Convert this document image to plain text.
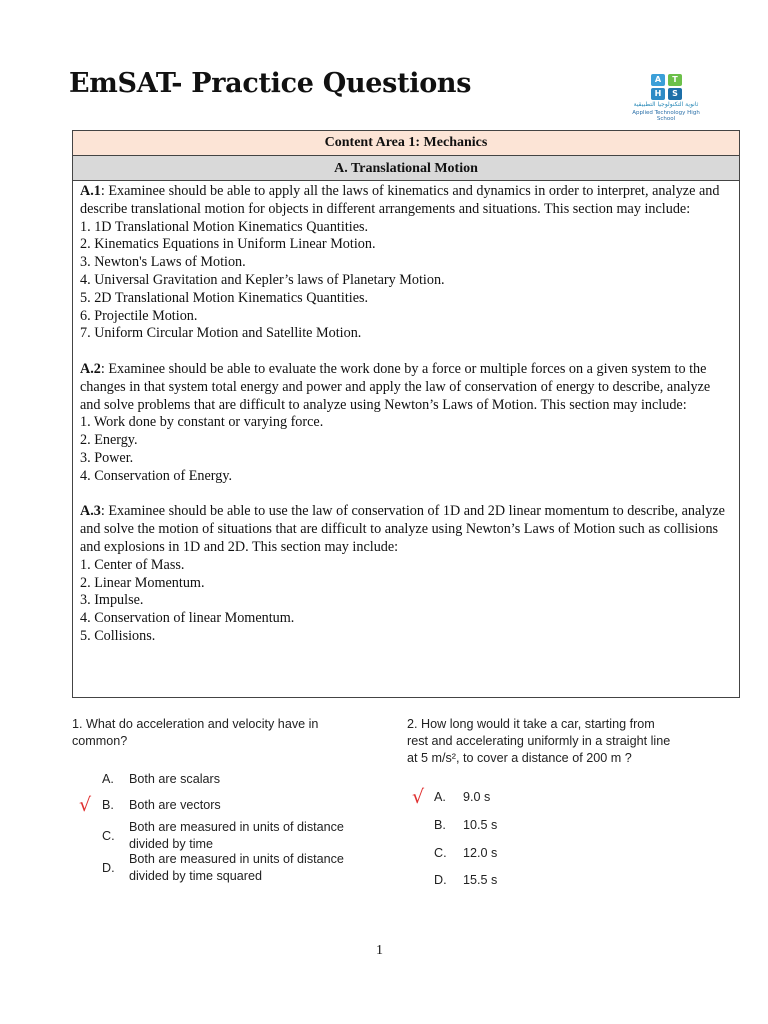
EmSAT- Practice Questions	A	T
H	S
ثانوية التكنولوجيا التطبيقية
Applied Technology High School
Content Area 1: Mechanics
A. Translational Motion

A.1: Examinee should be able to apply all the laws of kinematics and dynamics in order to interpret, analyze and describe translational motion for objects in different arrangements and situations. This section may include:

1. 1D Translational Motion Kinematics Quantities.

2. Kinematics Equations in Uniform Linear Motion.

3. Newton's Laws of Motion.

4. Universal Gravitation and Kepler’s laws of Planetary Motion.

5. 2D Translational Motion Kinematics Quantities.

6. Projectile Motion.

7. Uniform Circular Motion and Satellite Motion.

A.2: Examinee should be able to evaluate the work done by a force or multiple forces on a given system to the changes in that system total energy and power and apply the law of conservation of energy to describe, analyze and solve problems that are difficult to analyze using Newton’s Laws of Motion. This section may include:

1. Work done by constant or varying force.

2. Energy.

3. Power.

4. Conservation of Energy.

A.3: Examinee should be able to use the law of conservation of 1D and 2D linear momentum to describe, analyze and solve the motion of situations that are difficult to analyze using Newton’s Laws of Motion such as collisions and explosions in 1D and 2D. This section may include:

1. Center of Mass.

2. Linear Momentum.

3. Impulse.

4. Conservation of linear Momentum.

5. Collisions.

1. What do acceleration and velocity have in
common?
A. Both are scalars
√ B. Both are vectors
C.
Both are measured in units of distance
divided by time
D.
Both are measured in units of distance
divided by time squared
2. How long would it take a car, starting from
rest and accelerating uniformly in a straight line
at 5 m/s², to cover a distance of 200 m ?
√ A. 9.0 s
B. 10.5 s
C. 12.0 s
D. 15.5 s
1
